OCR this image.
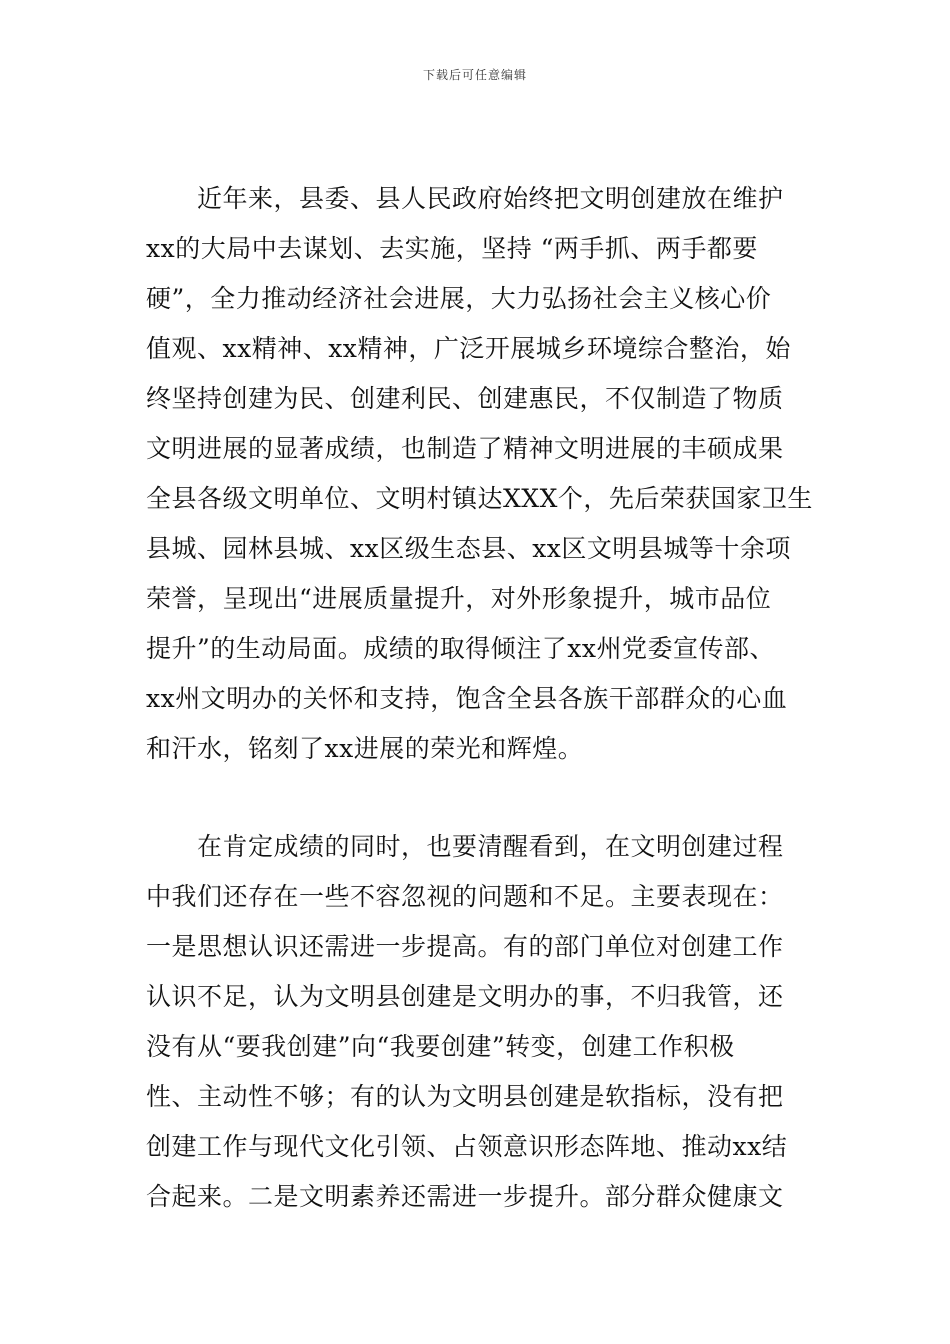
下载后可任意编辑
　　近年来，县委、县人民政府始终把文明创建放在维护
xx的大局中去谋划、去实施，坚持 “两手抓、两手都要
硬”，全力推动经济社会进展，大力弘扬社会主义核心价
值观、xx精神、xx精神，广泛开展城乡环境综合整治，始
终坚持创建为民、创建利民、创建惠民，不仅制造了物质
文明进展的显著成绩，也制造了精神文明进展的丰硕成果
全县各级文明单位、文明村镇达XXX个，先后荣获国家卫生
县城、园林县城、xx区级生态县、xx区文明县城等十余项
荣誉，呈现出“进展质量提升，对外形象提升，城市品位
提升”的生动局面。成绩的取得倾注了xx州党委宣传部、
xx州文明办的关怀和支持，饱含全县各族干部群众的心血
和汗水，铭刻了xx进展的荣光和辉煌。
　　在肯定成绩的同时，也要清醒看到，在文明创建过程
中我们还存在一些不容忽视的问题和不足。主要表现在：
一是思想认识还需进一步提高。有的部门单位对创建工作
认识不足，认为文明县创建是文明办的事，不归我管，还
没有从“要我创建”向“我要创建”转变，创建工作积极
性、主动性不够；有的认为文明县创建是软指标，没有把
创建工作与现代文化引领、占领意识形态阵地、推动xx结
合起来。二是文明素养还需进一步提升。部分群众健康文
